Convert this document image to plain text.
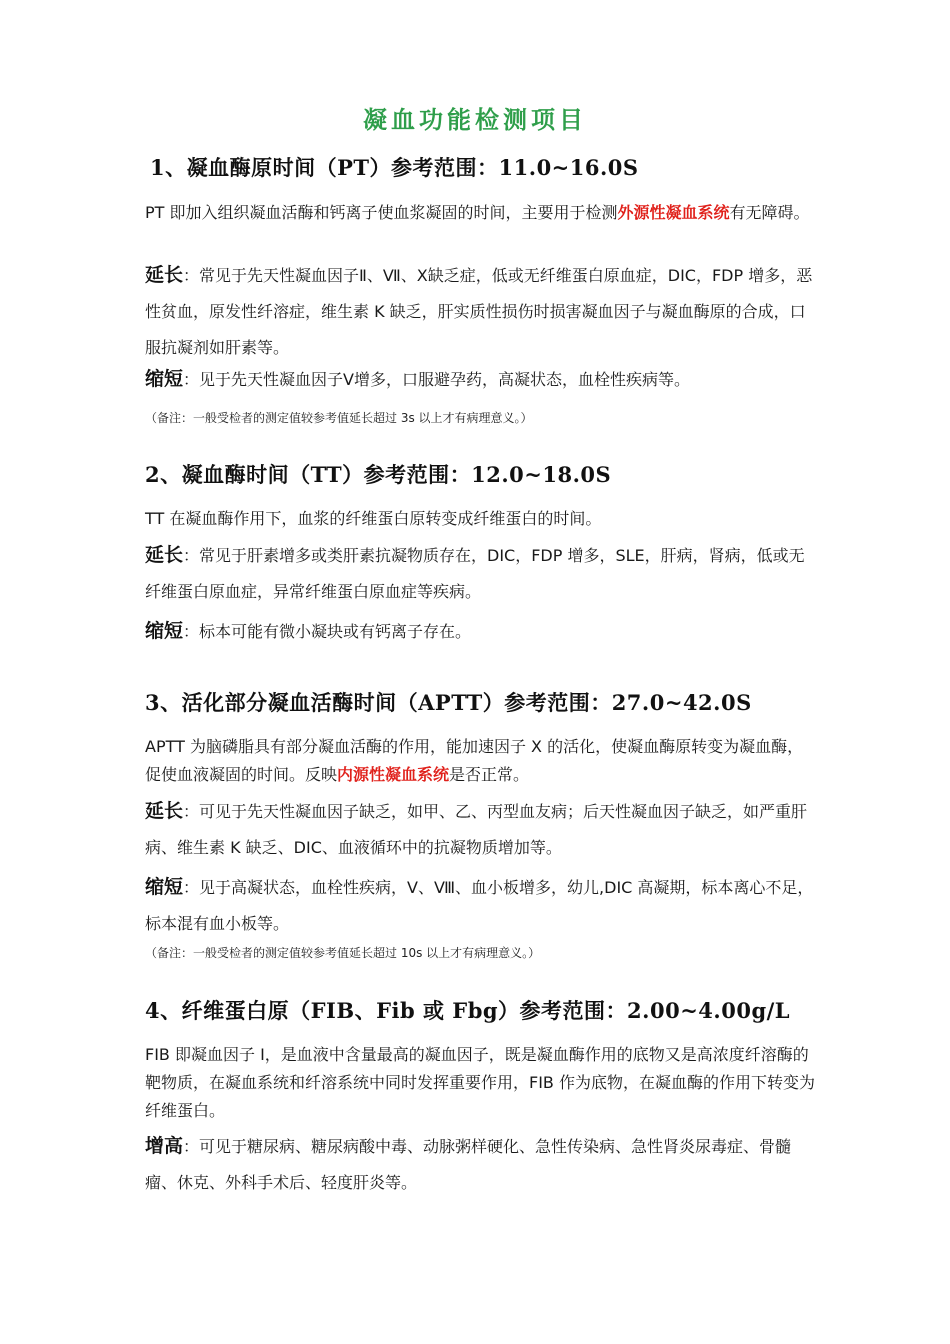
凝血功能检测项目
1、凝血酶原时间（PT）参考范围：11.0~16.0S
PT 即加入组织凝血活酶和钙离子使血浆凝固的时间，主要用于检测外源性凝血系统有无障碍。
延长：常见于先天性凝血因子Ⅱ、Ⅶ、Ⅹ缺乏症，低或无纤维蛋白原血症，DIC，FDP 增多，恶性贫血，原发性纤溶症，维生素 K 缺乏，肝实质性损伤时损害凝血因子与凝血酶原的合成，口服抗凝剂如肝素等。
缩短：见于先天性凝血因子Ⅴ增多，口服避孕药，高凝状态，血栓性疾病等。
（备注：一般受检者的测定值较参考值延长超过 3s 以上才有病理意义。）
2、凝血酶时间（TT）参考范围：12.0~18.0S
TT 在凝血酶作用下，血浆的纤维蛋白原转变成纤维蛋白的时间。
延长：常见于肝素增多或类肝素抗凝物质存在，DIC，FDP 增多，SLE，肝病，肾病，低或无纤维蛋白原血症，异常纤维蛋白原血症等疾病。
缩短：标本可能有微小凝块或有钙离子存在。
3、活化部分凝血活酶时间（APTT）参考范围：27.0~42.0S
APTT 为脑磷脂具有部分凝血活酶的作用，能加速因子 X 的活化，使凝血酶原转变为凝血酶，促使血液凝固的时间。反映内源性凝血系统是否正常。
延长：可见于先天性凝血因子缺乏，如甲、乙、丙型血友病；后天性凝血因子缺乏，如严重肝病、维生素 K 缺乏、DIC、血液循环中的抗凝物质增加等。
缩短：见于高凝状态，血栓性疾病，Ⅴ、Ⅷ、血小板增多，幼儿,DIC 高凝期，标本离心不足，标本混有血小板等。
（备注：一般受检者的测定值较参考值延长超过 10s 以上才有病理意义。）
4、纤维蛋白原（FIB、Fib 或 Fbg）参考范围：2.00~4.00g/L
FIB 即凝血因子 I，是血液中含量最高的凝血因子，既是凝血酶作用的底物又是高浓度纤溶酶的靶物质，在凝血系统和纤溶系统中同时发挥重要作用，FIB 作为底物，在凝血酶的作用下转变为纤维蛋白。
增高：可见于糖尿病、糖尿病酸中毒、动脉粥样硬化、急性传染病、急性肾炎尿毒症、骨髓瘤、休克、外科手术后、轻度肝炎等。
